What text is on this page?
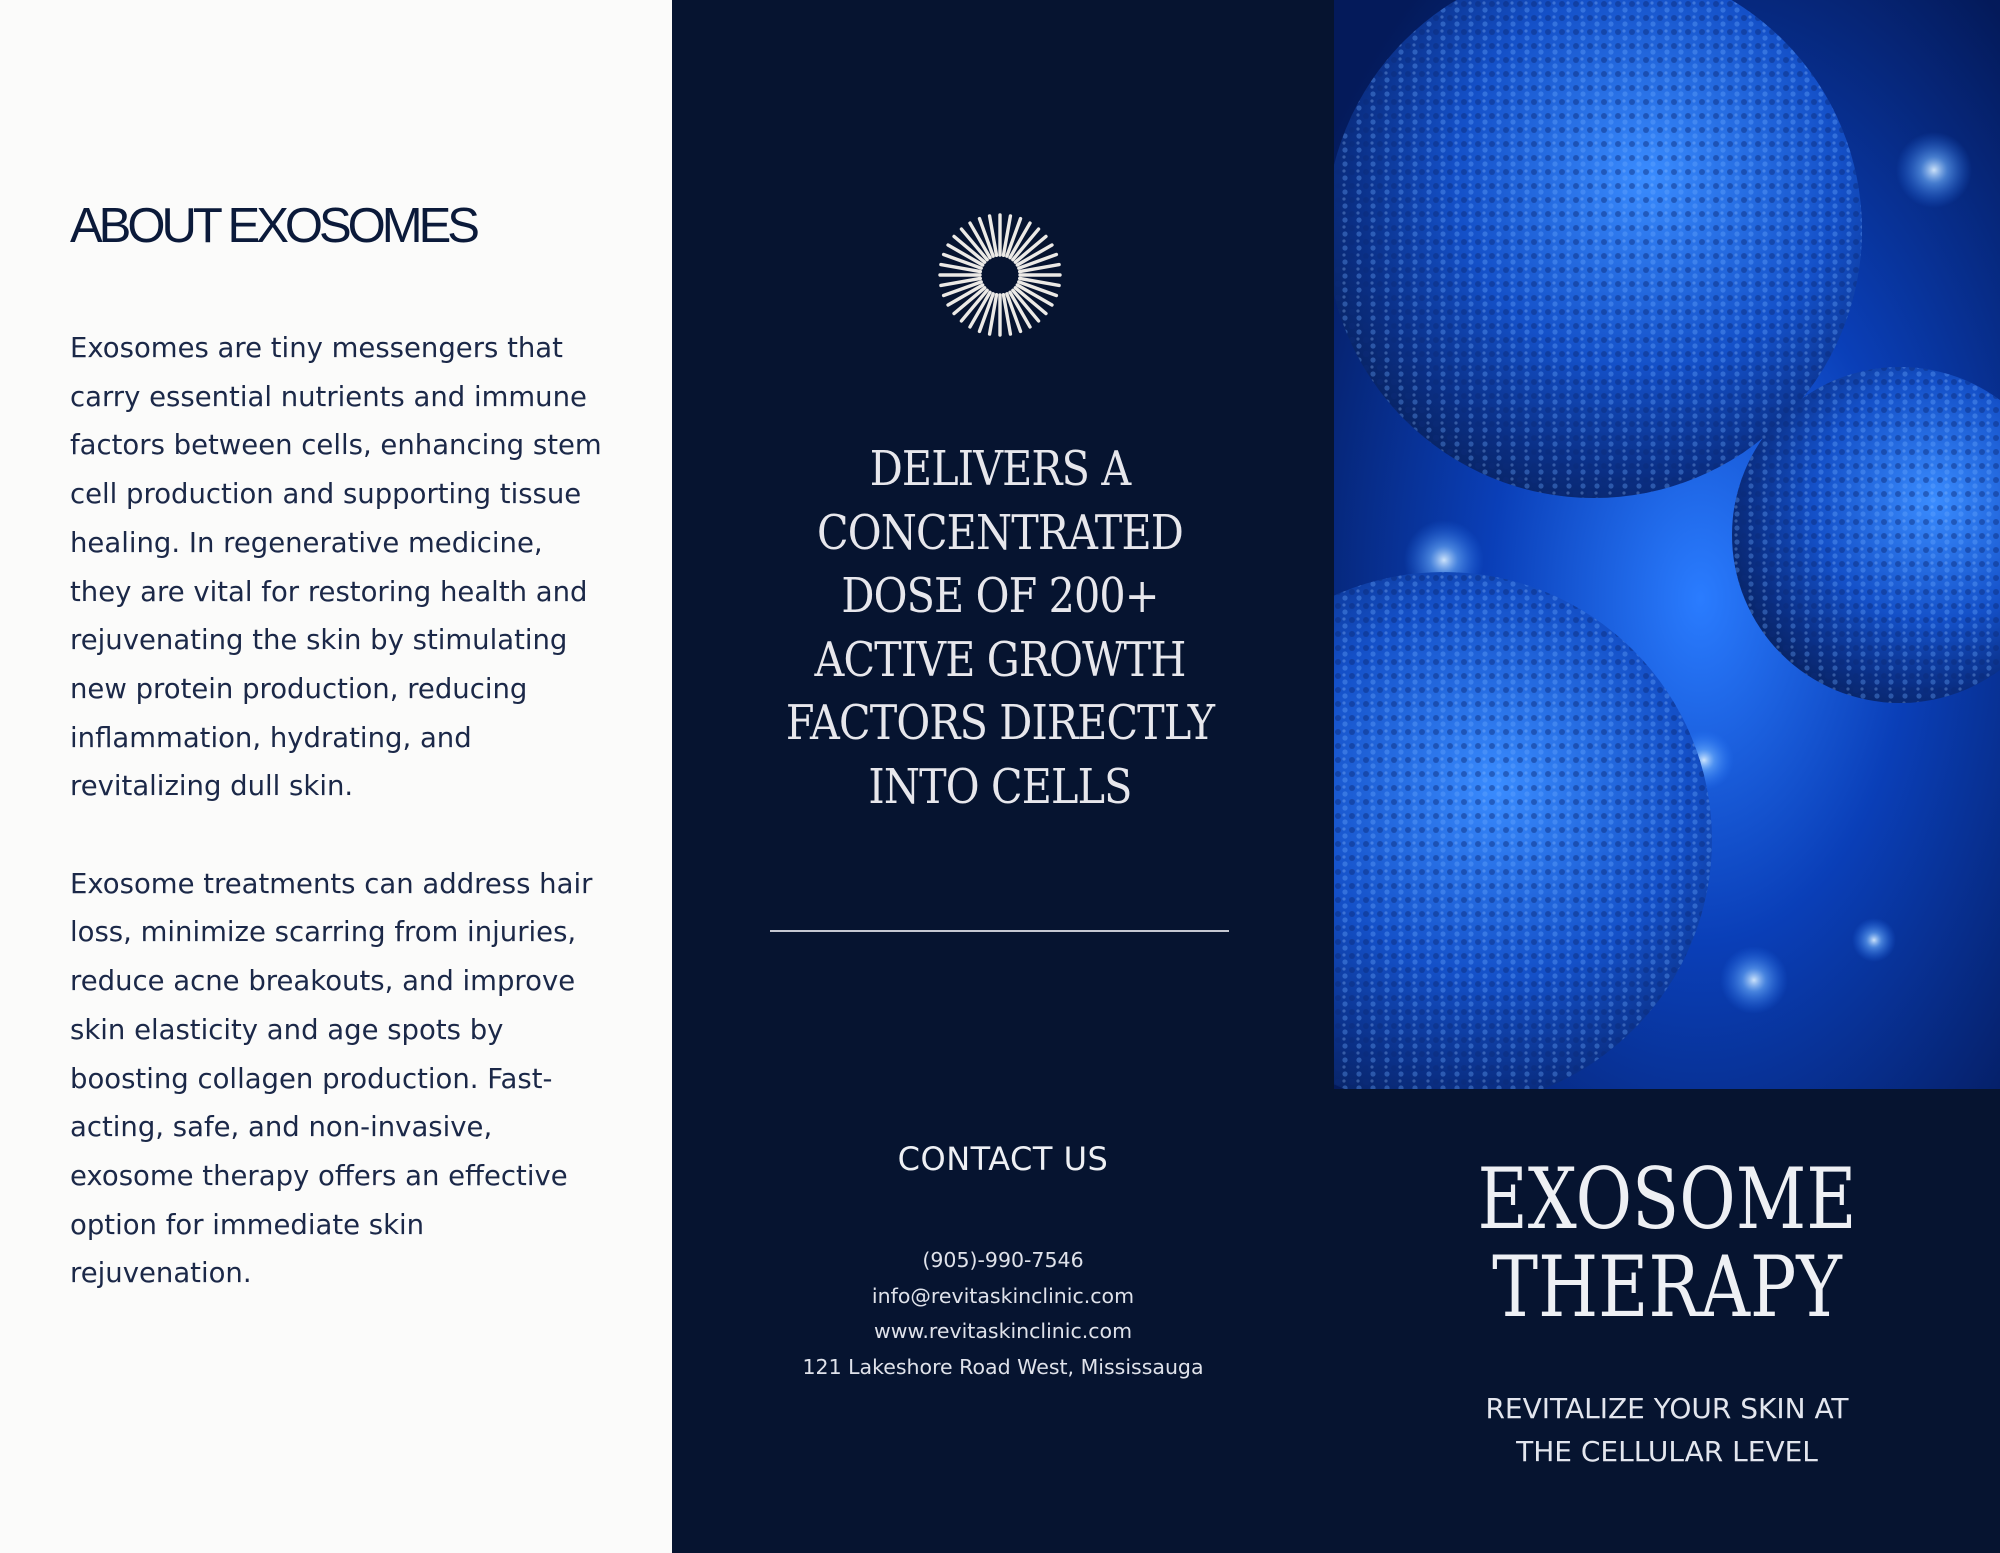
ABOUT EXOSOMES

Exosomes are tiny messengers that carry essential nutrients and immune factors between cells, enhancing stem cell production and supporting tissue healing. In regenerative medicine, they are vital for restoring health and rejuvenating the skin by stimulating new protein production, reducing inflammation, hydrating, and revitalizing dull skin.

Exosome treatments can address hair loss, minimize scarring from injuries, reduce acne breakouts, and improve skin elasticity and age spots by boosting collagen production. Fast-acting, safe, and non-invasive, exosome therapy offers an effective option for immediate skin rejuvenation.

DELIVERS A CONCENTRATED DOSE OF 200+ ACTIVE GROWTH FACTORS DIRECTLY INTO CELLS
CONTACT US
(905)-990-7546
info@revitaskinclinic.com
www.revitaskinclinic.com
121 Lakeshore Road West, Mississauga
EXOSOME
THERAPY
REVITALIZE YOUR SKIN AT
THE CELLULAR LEVEL
